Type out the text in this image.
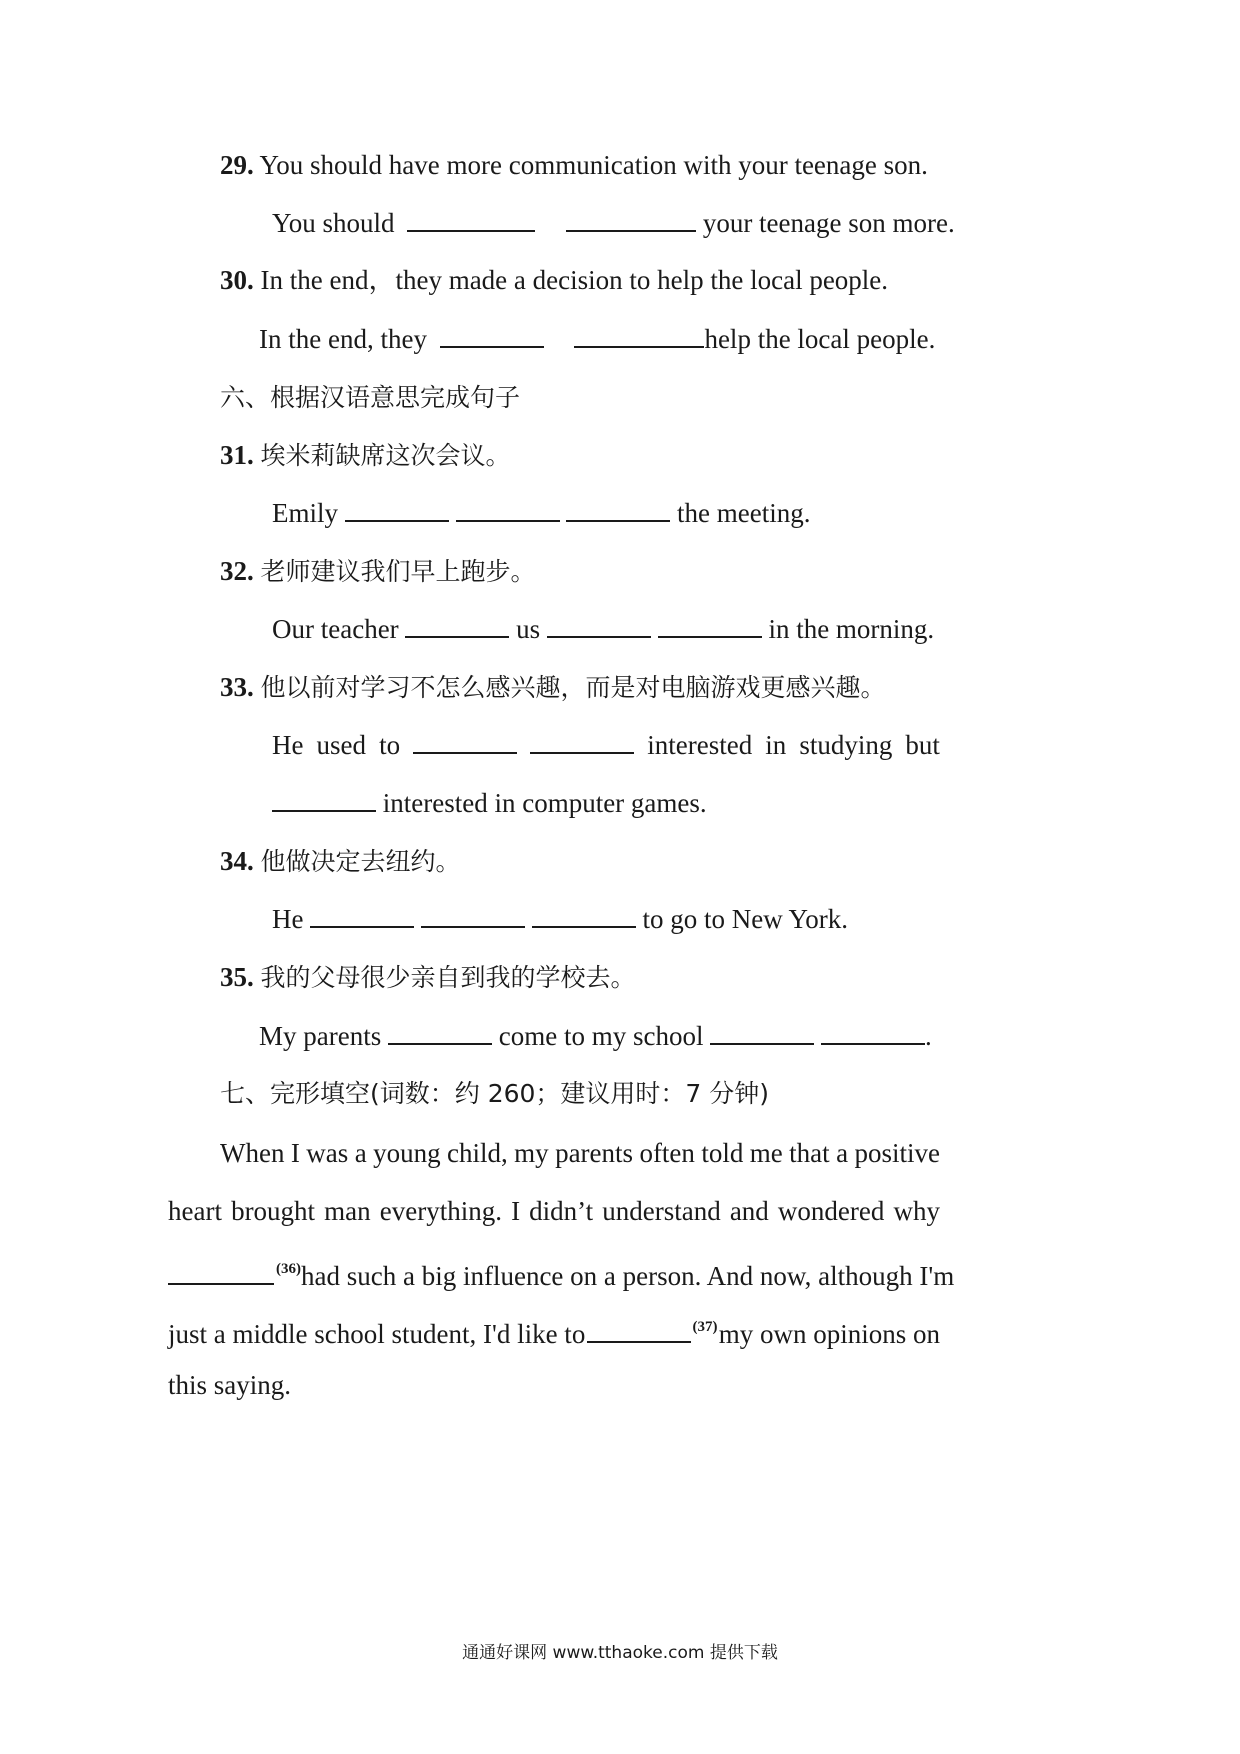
29. You should have more communication with your teenage son.
You should	your teenage son more.
30. In the end，they made a decision to help the local people.
In the end, they	help the local people.
六、根据汉语意思完成句子
31. 埃米莉缺席这次会议。
Emily	the meeting.
32. 老师建议我们早上跑步。
Our teacher	us	in the morning.
33. 他以前对学习不怎么感兴趣，而是对电脑游戏更感兴趣。
He used to	interested in studying but
interested in computer games.
34. 他做决定去纽约。
He	to go to New York.
35. 我的父母很少亲自到我的学校去。
My parents	come to my school	.
七、完形填空(词数：约 260；建议用时：7 分钟)
When I was a young child, my parents often told me that a positive
heart brought man everything. I didn’t understand and wondered why
$^{(36)}$ had such a big influence on a person. And now, although I'm
just a middle school student, I'd like to	$^{(37)}$ my own opinions on
this saying.
通通好课网 www.tthaoke.com 提供下载
